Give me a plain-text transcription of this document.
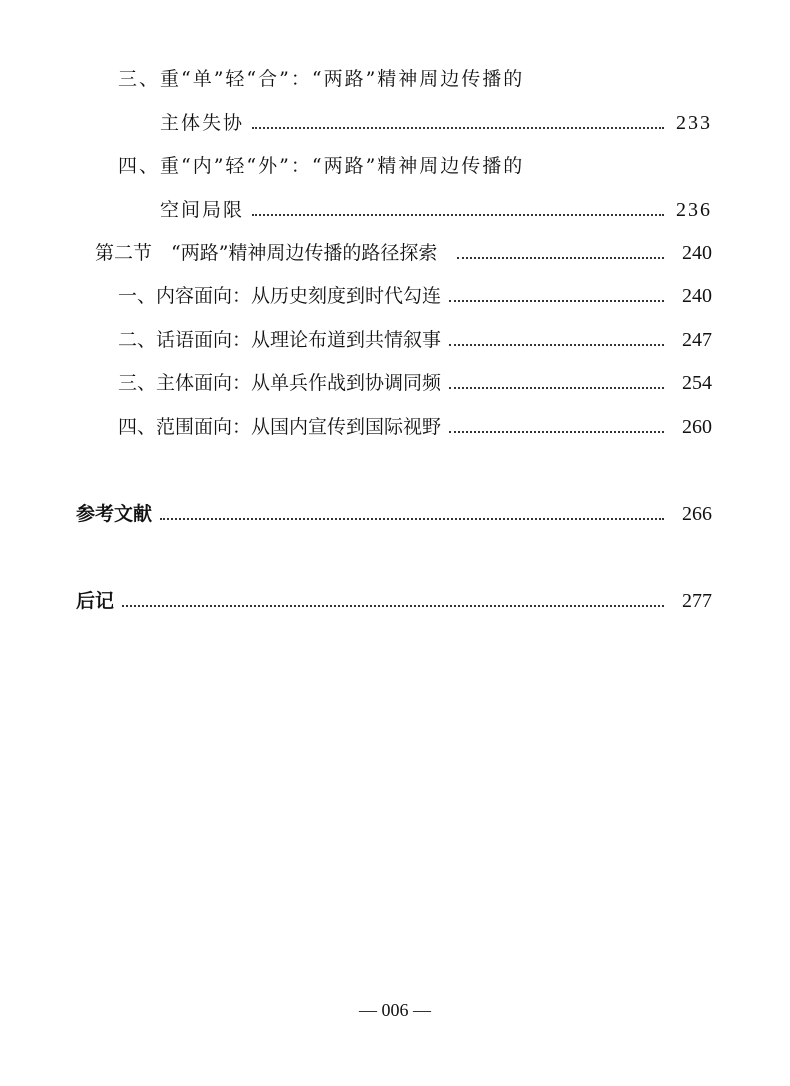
三、重“单”轻“合”：“两路”精神周边传播的
主体失协	233
四、重“内”轻“外”：“两路”精神周边传播的
空间局限	236
第二节　“两路”精神周边传播的路径探索	240
一、内容面向：从历史刻度到时代勾连	240
二、话语面向：从理论布道到共情叙事	247
三、主体面向：从单兵作战到协调同频	254
四、范围面向：从国内宣传到国际视野	260
参考文献	266
后记	277
— 006 —
